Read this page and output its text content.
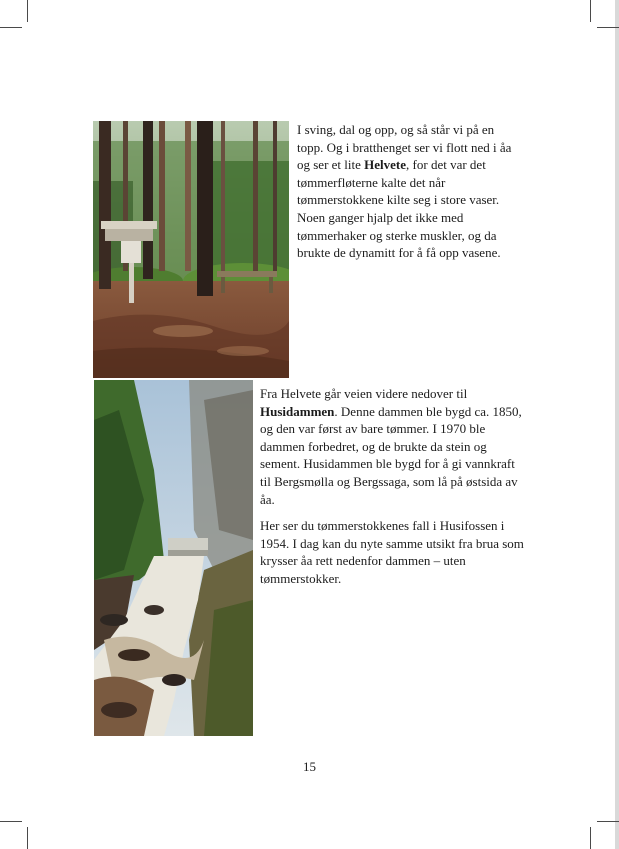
I sving, dal og opp, og så står vi på en topp. Og i bratthenget ser vi flott ned i åa og ser et lite Helvete, for det var det tømmerfløterne kalte det når tømmerstokkene kilte seg i store vaser. Noen ganger hjalp det ikke med tømmerhaker og sterke muskler, og da brukte de dynamitt for å få opp vasene.

Fra Helvete går veien videre nedover til Husidammen. Denne dammen ble bygd ca. 1850, og den var først av bare tømmer. I 1970 ble dammen forbedret, og de brukte da stein og sement. Husidammen ble bygd for å gi vannkraft til Bergsmølla og Bergssaga, som lå på østsida av åa.

Her ser du tømmerstokkenes fall i Husifossen i 1954. I dag kan du nyte samme utsikt fra brua som krysser åa rett nedenfor dammen – uten tømmerstokker.

15
